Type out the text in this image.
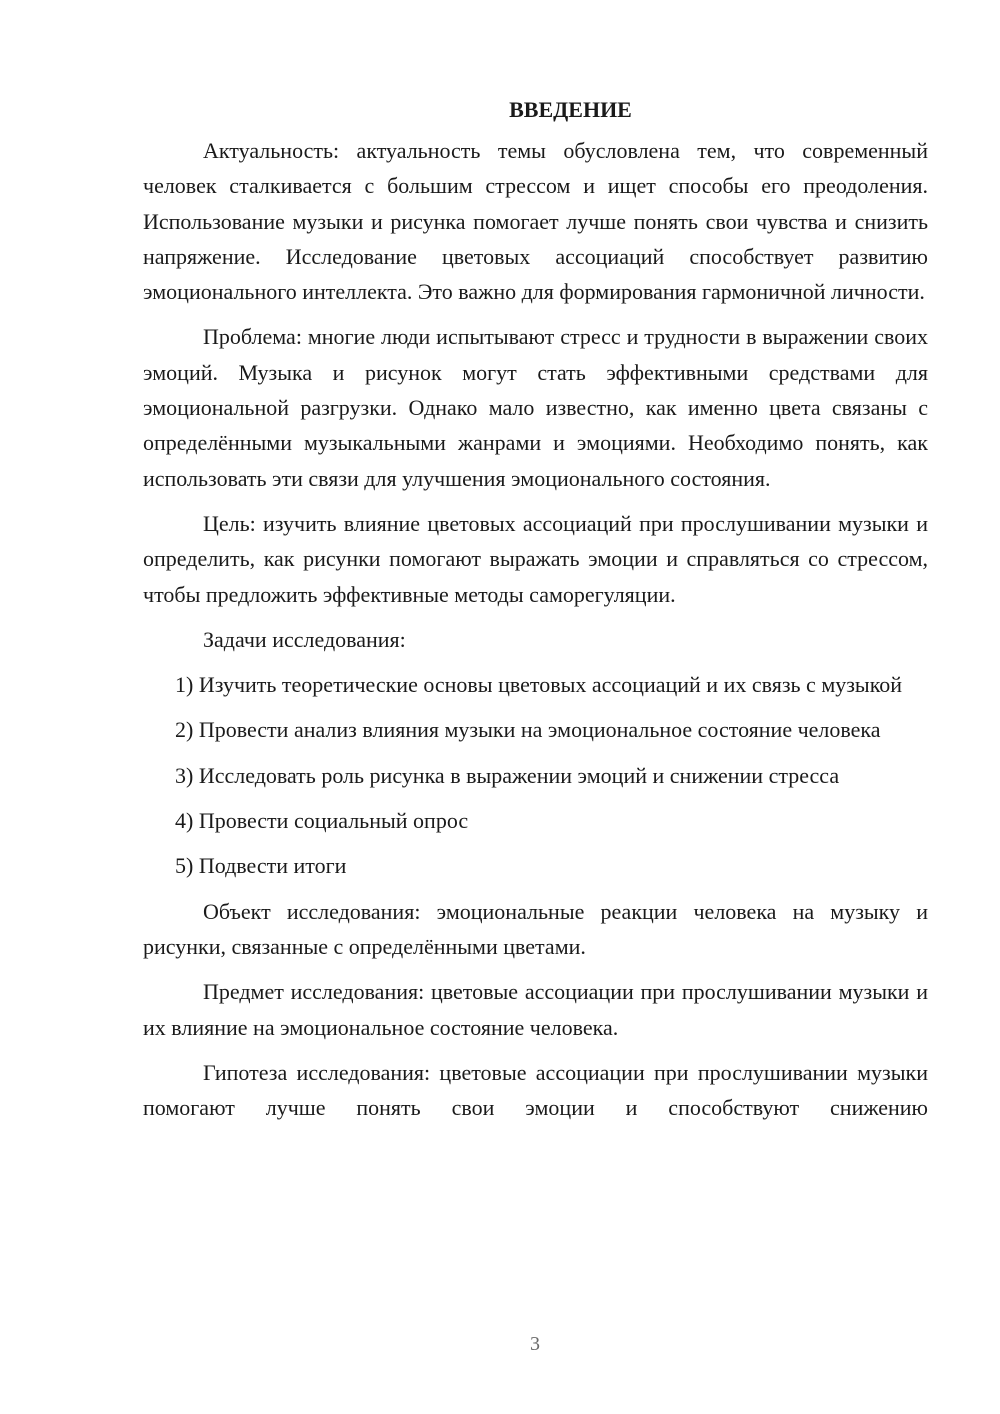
ВВЕДЕНИЕ

Актуальность: актуальность темы обусловлена тем, что современный человек сталкивается с большим стрессом и ищет способы его преодоления. Использование музыки и рисунка помогает лучше понять свои чувства и снизить напряжение. Исследование цветовых ассоциаций способствует развитию эмоционального интеллекта. Это важно для формирования гармоничной личности.

Проблема: многие люди испытывают стресс и трудности в выражении своих эмоций. Музыка и рисунок могут стать эффективными средствами для эмоциональной разгрузки. Однако мало известно, как именно цвета связаны с определёнными музыкальными жанрами и эмоциями. Необходимо понять, как использовать эти связи для улучшения эмоционального состояния.

Цель: изучить влияние цветовых ассоциаций при прослушивании музыки и определить, как рисунки помогают выражать эмоции и справляться со стрессом, чтобы предложить эффективные методы саморегуляции.

Задачи исследования:

1) Изучить теоретические основы цветовых ассоциаций и их связь с музыкой

2) Провести анализ влияния музыки на эмоциональное состояние человека

3) Исследовать роль рисунка в выражении эмоций и снижении стресса

4) Провести социальный опрос

5) Подвести итоги

Объект исследования: эмоциональные реакции человека на музыку и рисунки, связанные с определёнными цветами.

Предмет исследования: цветовые ассоциации при прослушивании музыки и их влияние на эмоциональное состояние человека.

Гипотеза исследования: цветовые ассоциации при прослушивании музыки помогают лучше понять свои эмоции и способствуют снижению

3
